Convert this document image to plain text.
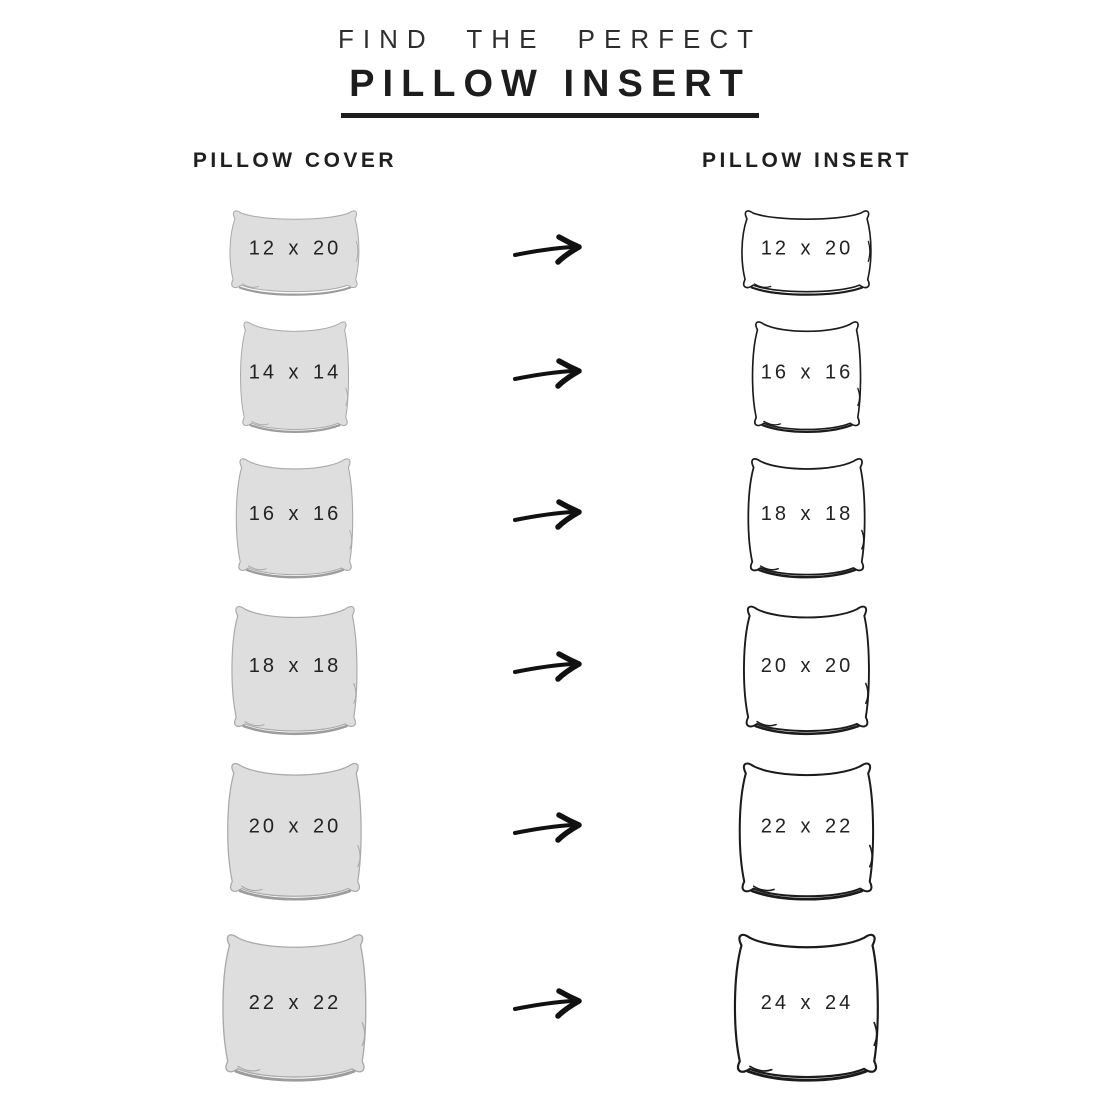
FIND THE PERFECT
PILLOW INSERT
PILLOW COVER	PILLOW INSERT
12 x 20	12 x 20
14 x 14	16 x 16
16 x 16	18 x 18
18 x 18	20 x 20
20 x 20	22 x 22
22 x 22	24 x 24
